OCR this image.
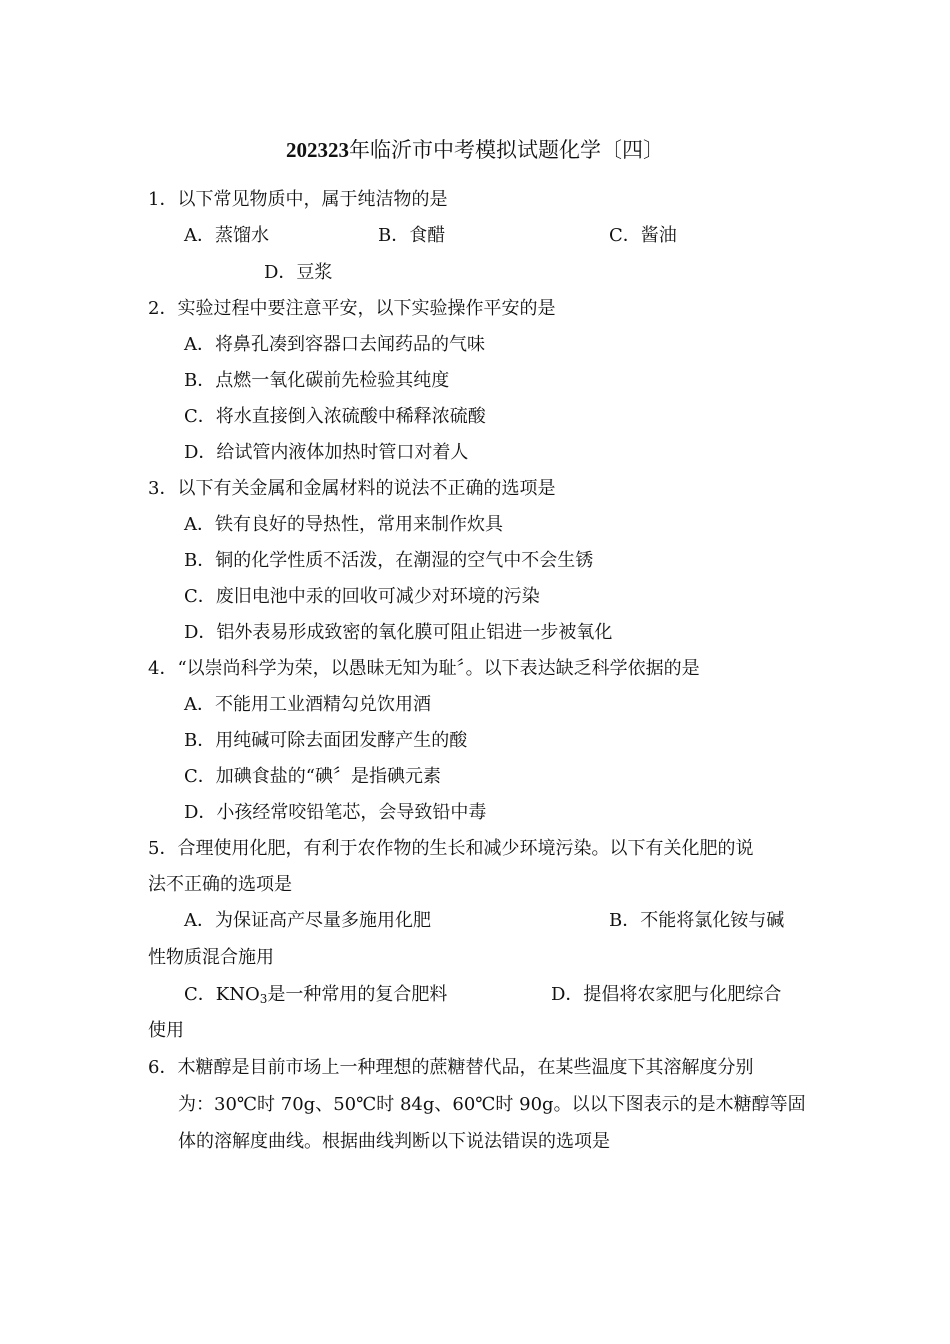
202323年临沂市中考模拟试题化学〔四〕
1．以下常见物质中，属于纯洁物的是
A．蒸馏水	B．食醋	C．酱油
D．豆浆
2．实验过程中要注意平安，以下实验操作平安的是
A．将鼻孔凑到容器口去闻药品的气味
B．点燃一氧化碳前先检验其纯度
C．将水直接倒入浓硫酸中稀释浓硫酸
D．给试管内液体加热时管口对着人
3．以下有关金属和金属材料的说法不正确的选项是
A．铁有良好的导热性，常用来制作炊具
B．铜的化学性质不活泼，在潮湿的空气中不会生锈
C．废旧电池中汞的回收可减少对环境的污染
D．铝外表易形成致密的氧化膜可阻止铝进一步被氧化
4．“以崇尚科学为荣，以愚昧无知为耻〞。以下表达缺乏科学依据的是
A．不能用工业酒精勾兑饮用酒
B．用纯碱可除去面团发酵产生的酸
C．加碘食盐的“碘〞是指碘元素
D．小孩经常咬铅笔芯，会导致铅中毒
5．合理使用化肥，有利于农作物的生长和减少环境污染。以下有关化肥的说
法不正确的选项是
A．为保证高产尽量多施用化肥	B．不能将氯化铵与碱
性物质混合施用
C．$KNO_3$是一种常用的复合肥料	D．提倡将农家肥与化肥综合
使用
6．木糖醇是目前市场上一种理想的蔗糖替代品，在某些温度下其溶解度分别
为：30℃时 70g、50℃时 84g、60℃时 90g。以以下图表示的是木糖醇等固
体的溶解度曲线。根据曲线判断以下说法错误的选项是
